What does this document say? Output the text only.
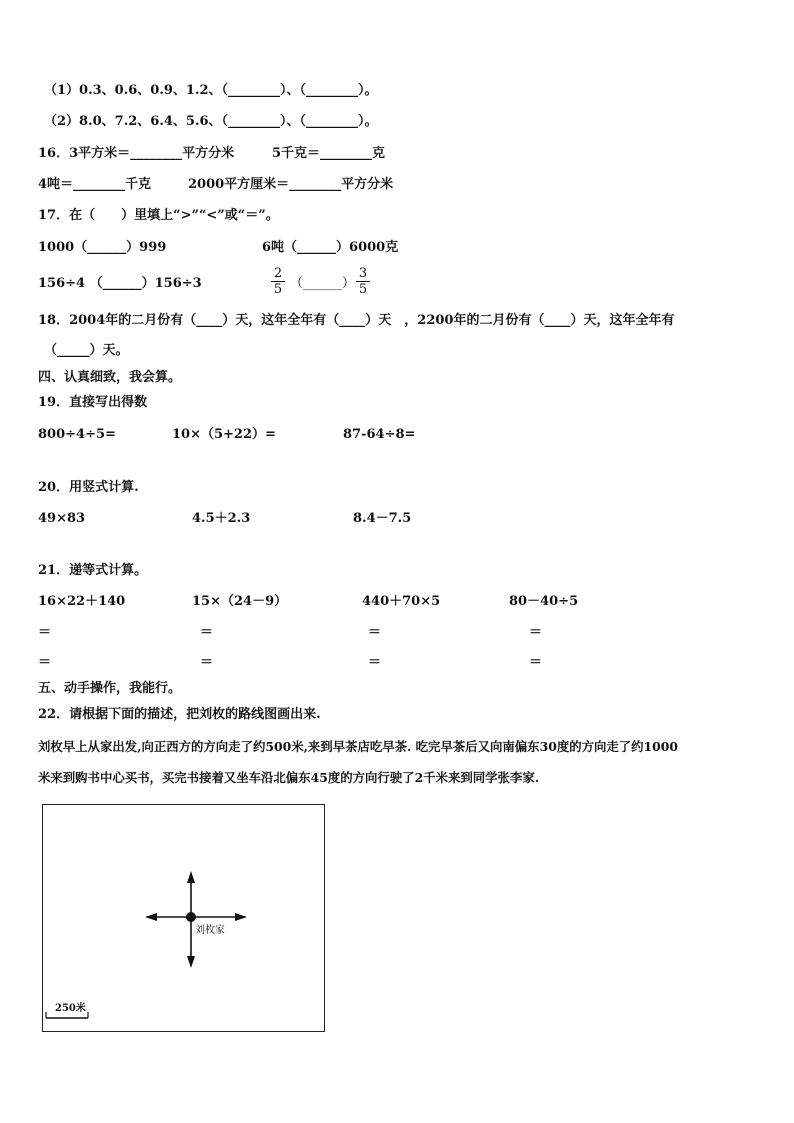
（1）0.3、0.6、0.9、1.2、（________）、（________）。
（2）8.0、7.2、6.4、5.6、（________）、（________）。
16．3平方米＝________平方分米	5千克＝________克
4吨＝________千克	2000平方厘米＝________平方分米
17．在（　　）里填上“>”“<”或“＝”。
1000（______）999	6吨（______）6000克
156÷4 （______）156÷3	$\frac{2}{5}$ （______） $\frac{3}{5}$
18．2004年的二月份有（____）天，这年全年有（____）天　，2200年的二月份有（____）天，这年全年有
（_____）天。
四、认真细致，我会算。
19．直接写出得数
800÷4÷5=	10×（5+22）=	87-64÷8=
20．用竖式计算.
49×83	4.5＋2.3	8.4－7.5
21．递等式计算。
16×22＋140	15×（24－9）	440＋70×5	80－40÷5
＝	＝	＝	＝
＝	＝	＝	＝
五、动手操作，我能行。
22．请根据下面的描述，把刘枚的路线图画出来.
刘枚早上从家出发,向正西方的方向走了约500米,来到早茶店吃早茶. 吃完早茶后又向南偏东30度的方向走了约1000
米来到购书中心买书，买完书接着又坐车沿北偏东45度的方向行驶了2千米来到同学张李家.
刘枚家
250米
